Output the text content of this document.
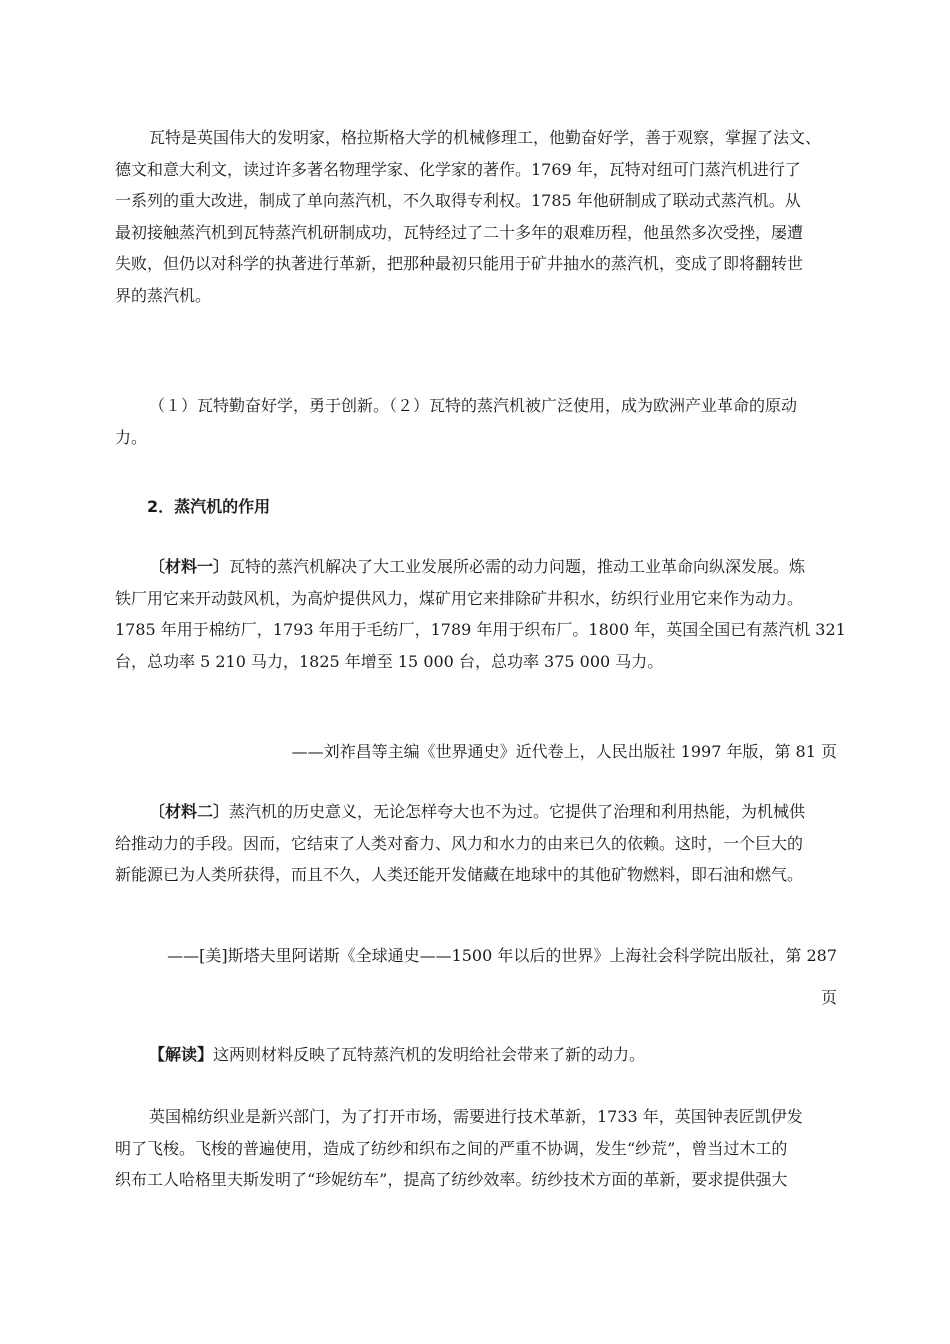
瓦特是英国伟大的发明家，格拉斯格大学的机械修理工，他勤奋好学，善于观察，掌握了法文、
德文和意大利文，读过许多著名物理学家、化学家的著作。1769 年，瓦特对纽可门蒸汽机进行了
一系列的重大改进，制成了单向蒸汽机，不久取得专利权。1785 年他研制成了联动式蒸汽机。从
最初接触蒸汽机到瓦特蒸汽机研制成功，瓦特经过了二十多年的艰难历程，他虽然多次受挫，屡遭
失败，但仍以对科学的执著进行革新，把那种最初只能用于矿井抽水的蒸汽机，变成了即将翻转世
界的蒸汽机。
（１）瓦特勤奋好学，勇于创新。（２）瓦特的蒸汽机被广泛使用，成为欧洲产业革命的原动
力。
2．蒸汽机的作用
〔材料一〕瓦特的蒸汽机解决了大工业发展所必需的动力问题，推动工业革命向纵深发展。炼
铁厂用它来开动鼓风机，为高炉提供风力，煤矿用它来排除矿井积水，纺织行业用它来作为动力。
1785 年用于棉纺厂，1793 年用于毛纺厂，1789 年用于织布厂。1800 年，英国全国已有蒸汽机 321
台，总功率 5 210 马力，1825 年增至 15 000 台，总功率 375 000 马力。

——刘祚昌等主编《世界通史》近代卷上，人民出版社 1997 年版，第 81 页

〔材料二〕蒸汽机的历史意义，无论怎样夸大也不为过。它提供了治理和利用热能，为机械供
给推动力的手段。因而，它结束了人类对畜力、风力和水力的由来已久的依赖。这时，一个巨大的
新能源已为人类所获得，而且不久，人类还能开发储藏在地球中的其他矿物燃料，即石油和燃气。

——[美]斯塔夫里阿诺斯《全球通史——1500 年以后的世界》上海社会科学院出版社，第 287

页

【解读】这两则材料反映了瓦特蒸汽机的发明给社会带来了新的动力。
英国棉纺织业是新兴部门，为了打开市场，需要进行技术革新，1733 年，英国钟表匠凯伊发
明了飞梭。飞梭的普遍使用，造成了纺纱和织布之间的严重不协调，发生“纱荒”，曾当过木工的
织布工人哈格里夫斯发明了“珍妮纺车”，提高了纺纱效率。纺纱技术方面的革新，要求提供强大
